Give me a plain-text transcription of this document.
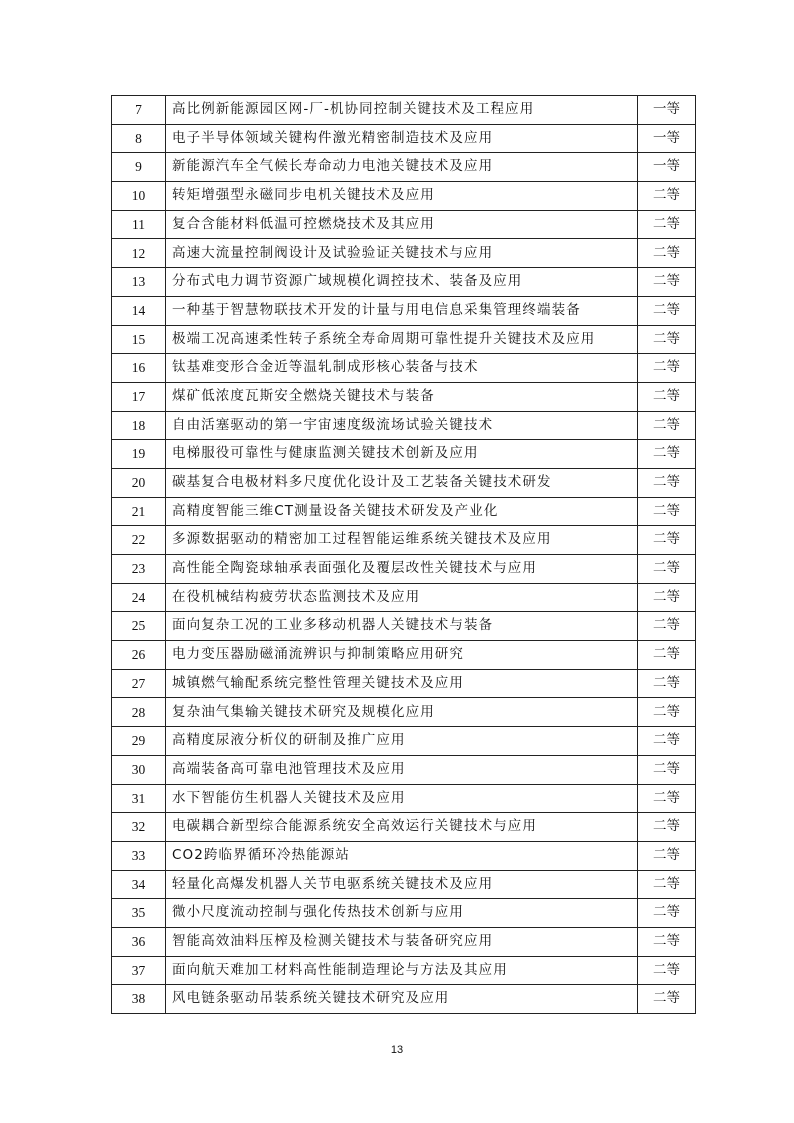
7	高比例新能源园区网-厂-机协同控制关键技术及工程应用	一等
8	电子半导体领域关键构件激光精密制造技术及应用	一等
9	新能源汽车全气候长寿命动力电池关键技术及应用	一等
10	转矩增强型永磁同步电机关键技术及应用	二等
11	复合含能材料低温可控燃烧技术及其应用	二等
12	高速大流量控制阀设计及试验验证关键技术与应用	二等
13	分布式电力调节资源广域规模化调控技术、装备及应用	二等
14	一种基于智慧物联技术开发的计量与用电信息采集管理终端装备	二等
15	极端工况高速柔性转子系统全寿命周期可靠性提升关键技术及应用	二等
16	钛基难变形合金近等温轧制成形核心装备与技术	二等
17	煤矿低浓度瓦斯安全燃烧关键技术与装备	二等
18	自由活塞驱动的第一宇宙速度级流场试验关键技术	二等
19	电梯服役可靠性与健康监测关键技术创新及应用	二等
20	碳基复合电极材料多尺度优化设计及工艺装备关键技术研发	二等
21	高精度智能三维CT测量设备关键技术研发及产业化	二等
22	多源数据驱动的精密加工过程智能运维系统关键技术及应用	二等
23	高性能全陶瓷球轴承表面强化及覆层改性关键技术与应用	二等
24	在役机械结构疲劳状态监测技术及应用	二等
25	面向复杂工况的工业多移动机器人关键技术与装备	二等
26	电力变压器励磁涌流辨识与抑制策略应用研究	二等
27	城镇燃气输配系统完整性管理关键技术及应用	二等
28	复杂油气集输关键技术研究及规模化应用	二等
29	高精度尿液分析仪的研制及推广应用	二等
30	高端装备高可靠电池管理技术及应用	二等
31	水下智能仿生机器人关键技术及应用	二等
32	电碳耦合新型综合能源系统安全高效运行关键技术与应用	二等
33	CO2跨临界循环冷热能源站	二等
34	轻量化高爆发机器人关节电驱系统关键技术及应用	二等
35	微小尺度流动控制与强化传热技术创新与应用	二等
36	智能高效油料压榨及检测关键技术与装备研究应用	二等
37	面向航天难加工材料高性能制造理论与方法及其应用	二等
38	风电链条驱动吊装系统关键技术研究及应用	二等
13
